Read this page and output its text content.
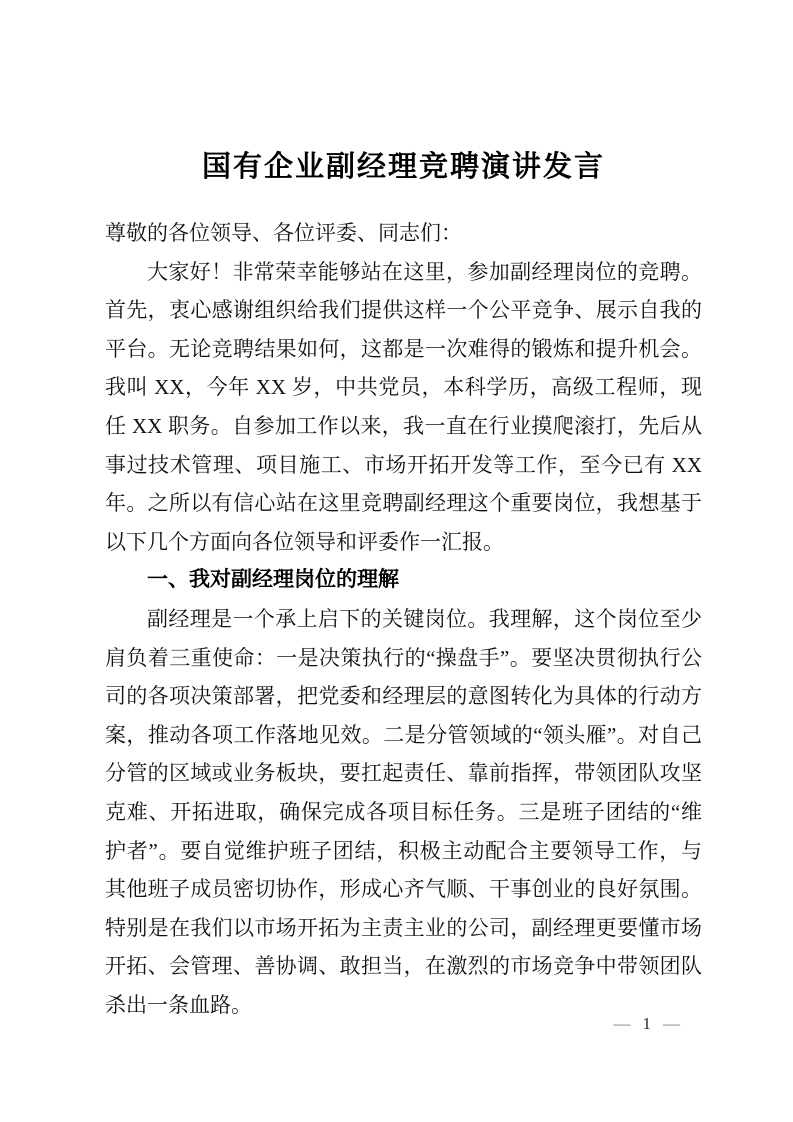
国有企业副经理竞聘演讲发言

尊敬的各位领导、各位评委、同志们：

大家好！非常荣幸能够站在这里，参加副经理岗位的竞聘。首先，衷心感谢组织给我们提供这样一个公平竞争、展示自我的平台。无论竞聘结果如何，这都是一次难得的锻炼和提升机会。我叫 XX，今年 XX 岁，中共党员，本科学历，高级工程师，现任 XX 职务。自参加工作以来，我一直在行业摸爬滚打，先后从事过技术管理、项目施工、市场开拓开发等工作，至今已有 XX 年。之所以有信心站在这里竞聘副经理这个重要岗位，我想基于以下几个方面向各位领导和评委作一汇报。

一、我对副经理岗位的理解

副经理是一个承上启下的关键岗位。我理解，这个岗位至少肩负着三重使命：一是决策执行的“操盘手”。要坚决贯彻执行公司的各项决策部署，把党委和经理层的意图转化为具体的行动方案，推动各项工作落地见效。二是分管领域的“领头雁”。对自己分管的区域或业务板块，要扛起责任、靠前指挥，带领团队攻坚克难、开拓进取，确保完成各项目标任务。三是班子团结的“维护者”。要自觉维护班子团结，积极主动配合主要领导工作，与其他班子成员密切协作，形成心齐气顺、干事创业的良好氛围。特别是在我们以市场开拓为主责主业的公司，副经理更要懂市场开拓、会管理、善协调、敢担当，在激烈的市场竞争中带领团队杀出一条血路。

— 1 —
